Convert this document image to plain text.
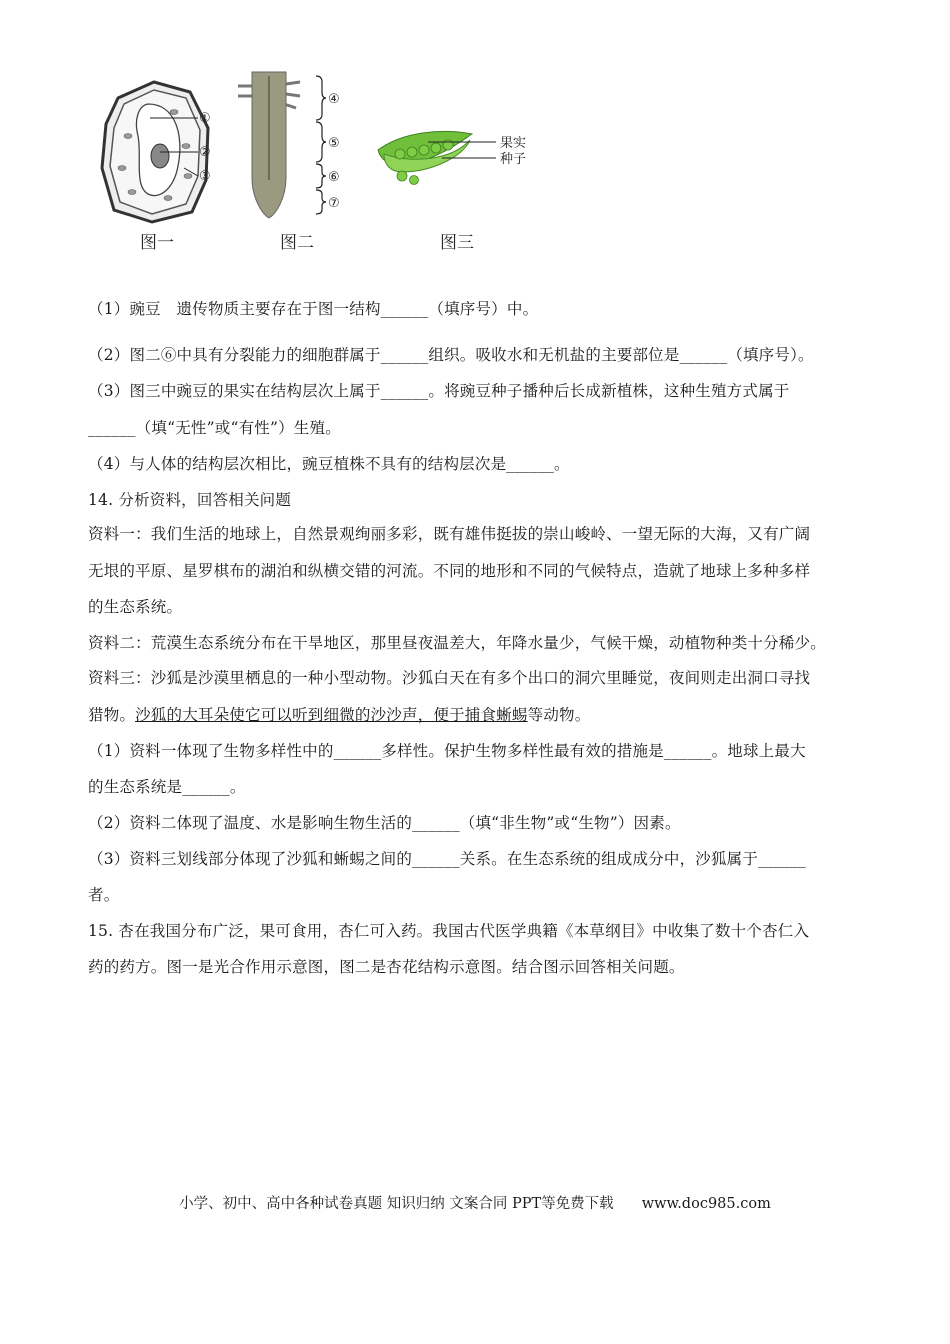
①
②
③
图一
④
⑤
⑥
⑦
图二
果实
种子
图三
（1）豌豆　遗传物质主要存在于图一结构______（填序号）中。
（2）图二⑥中具有分裂能力的细胞群属于______组织。吸收水和无机盐的主要部位是______（填序号）。
（3）图三中豌豆的果实在结构层次上属于______。将豌豆种子播种后长成新植株，这种生殖方式属于
______（填“无性”或“有性”）生殖。
（4）与人体的结构层次相比，豌豆植株不具有的结构层次是______。
14. 分析资料，回答相关问题
资料一：我们生活的地球上，自然景观绚丽多彩，既有雄伟挺拔的崇山峻岭、一望无际的大海，又有广阔
无垠的平原、星罗棋布的湖泊和纵横交错的河流。不同的地形和不同的气候特点，造就了地球上多种多样
的生态系统。
资料二：荒漠生态系统分布在干旱地区，那里昼夜温差大，年降水量少，气候干燥，动植物种类十分稀少。
资料三：沙狐是沙漠里栖息的一种小型动物。沙狐白天在有多个出口的洞穴里睡觉，夜间则走出洞口寻找
猎物。沙狐的大耳朵使它可以听到细微的沙沙声，便于捕食蜥蜴等动物。
（1）资料一体现了生物多样性中的______多样性。保护生物多样性最有效的措施是______。地球上最大
的生态系统是______。
（2）资料二体现了温度、水是影响生物生活的______（填“非生物”或“生物”）因素。
（3）资料三划线部分体现了沙狐和蜥蜴之间的______关系。在生态系统的组成成分中，沙狐属于______
者。
15. 杏在我国分布广泛，果可食用，杏仁可入药。我国古代医学典籍《本草纲目》中收集了数十个杏仁入
药的药方。图一是光合作用示意图，图二是杏花结构示意图。结合图示回答相关问题。
小学、初中、高中各种试卷真题 知识归纳 文案合同 PPT等免费下载 www.doc985.com
